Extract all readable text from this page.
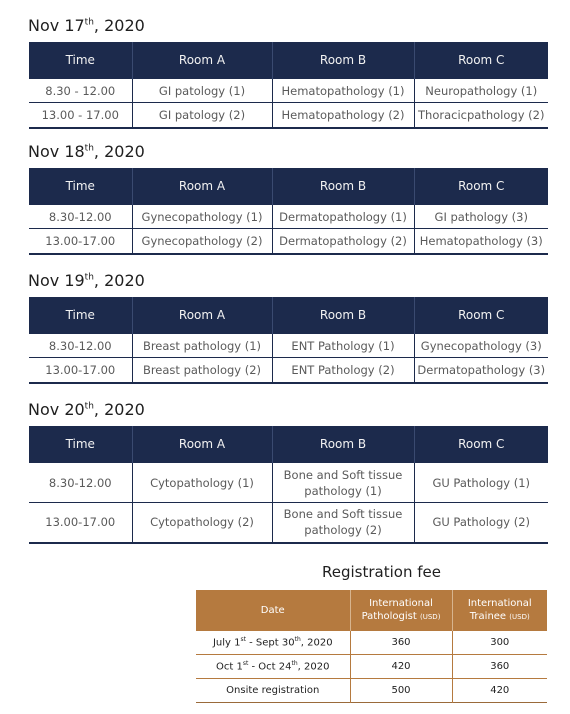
Nov 17th, 2020
Time	Room A	Room B	Room C
8.30 - 12.00	GI patology (1)	Hematopathology (1)	Neuropathology (1)
13.00 - 17.00	GI patology (2)	Hematopathology (2)	Thoracicpathology (2)
Nov 18th, 2020
Time	Room A	Room B	Room C
8.30-12.00	Gynecopathology (1)	Dermatopathology (1)	GI pathology (3)
13.00-17.00	Gynecopathology (2)	Dermatopathology (2)	Hematopathology (3)
Nov 19th, 2020
Time	Room A	Room B	Room C
8.30-12.00	Breast pathology (1)	ENT Pathology (1)	Gynecopathology (3)
13.00-17.00	Breast pathology (2)	ENT Pathology (2)	Dermatopathology (3)
Nov 20th, 2020
Time	Room A	Room B	Room C
8.30-12.00	Cytopathology (1)	Bone and Soft tissue pathology (1)	GU Pathology (1)
13.00-17.00	Cytopathology (2)	Bone and Soft tissue pathology (2)	GU Pathology (2)
Registration fee
Date	International Pathologist (USD)	International Trainee (USD)
July 1st - Sept 30th, 2020	360	300
Oct 1st - Oct 24th, 2020	420	360
Onsite registration	500	420
